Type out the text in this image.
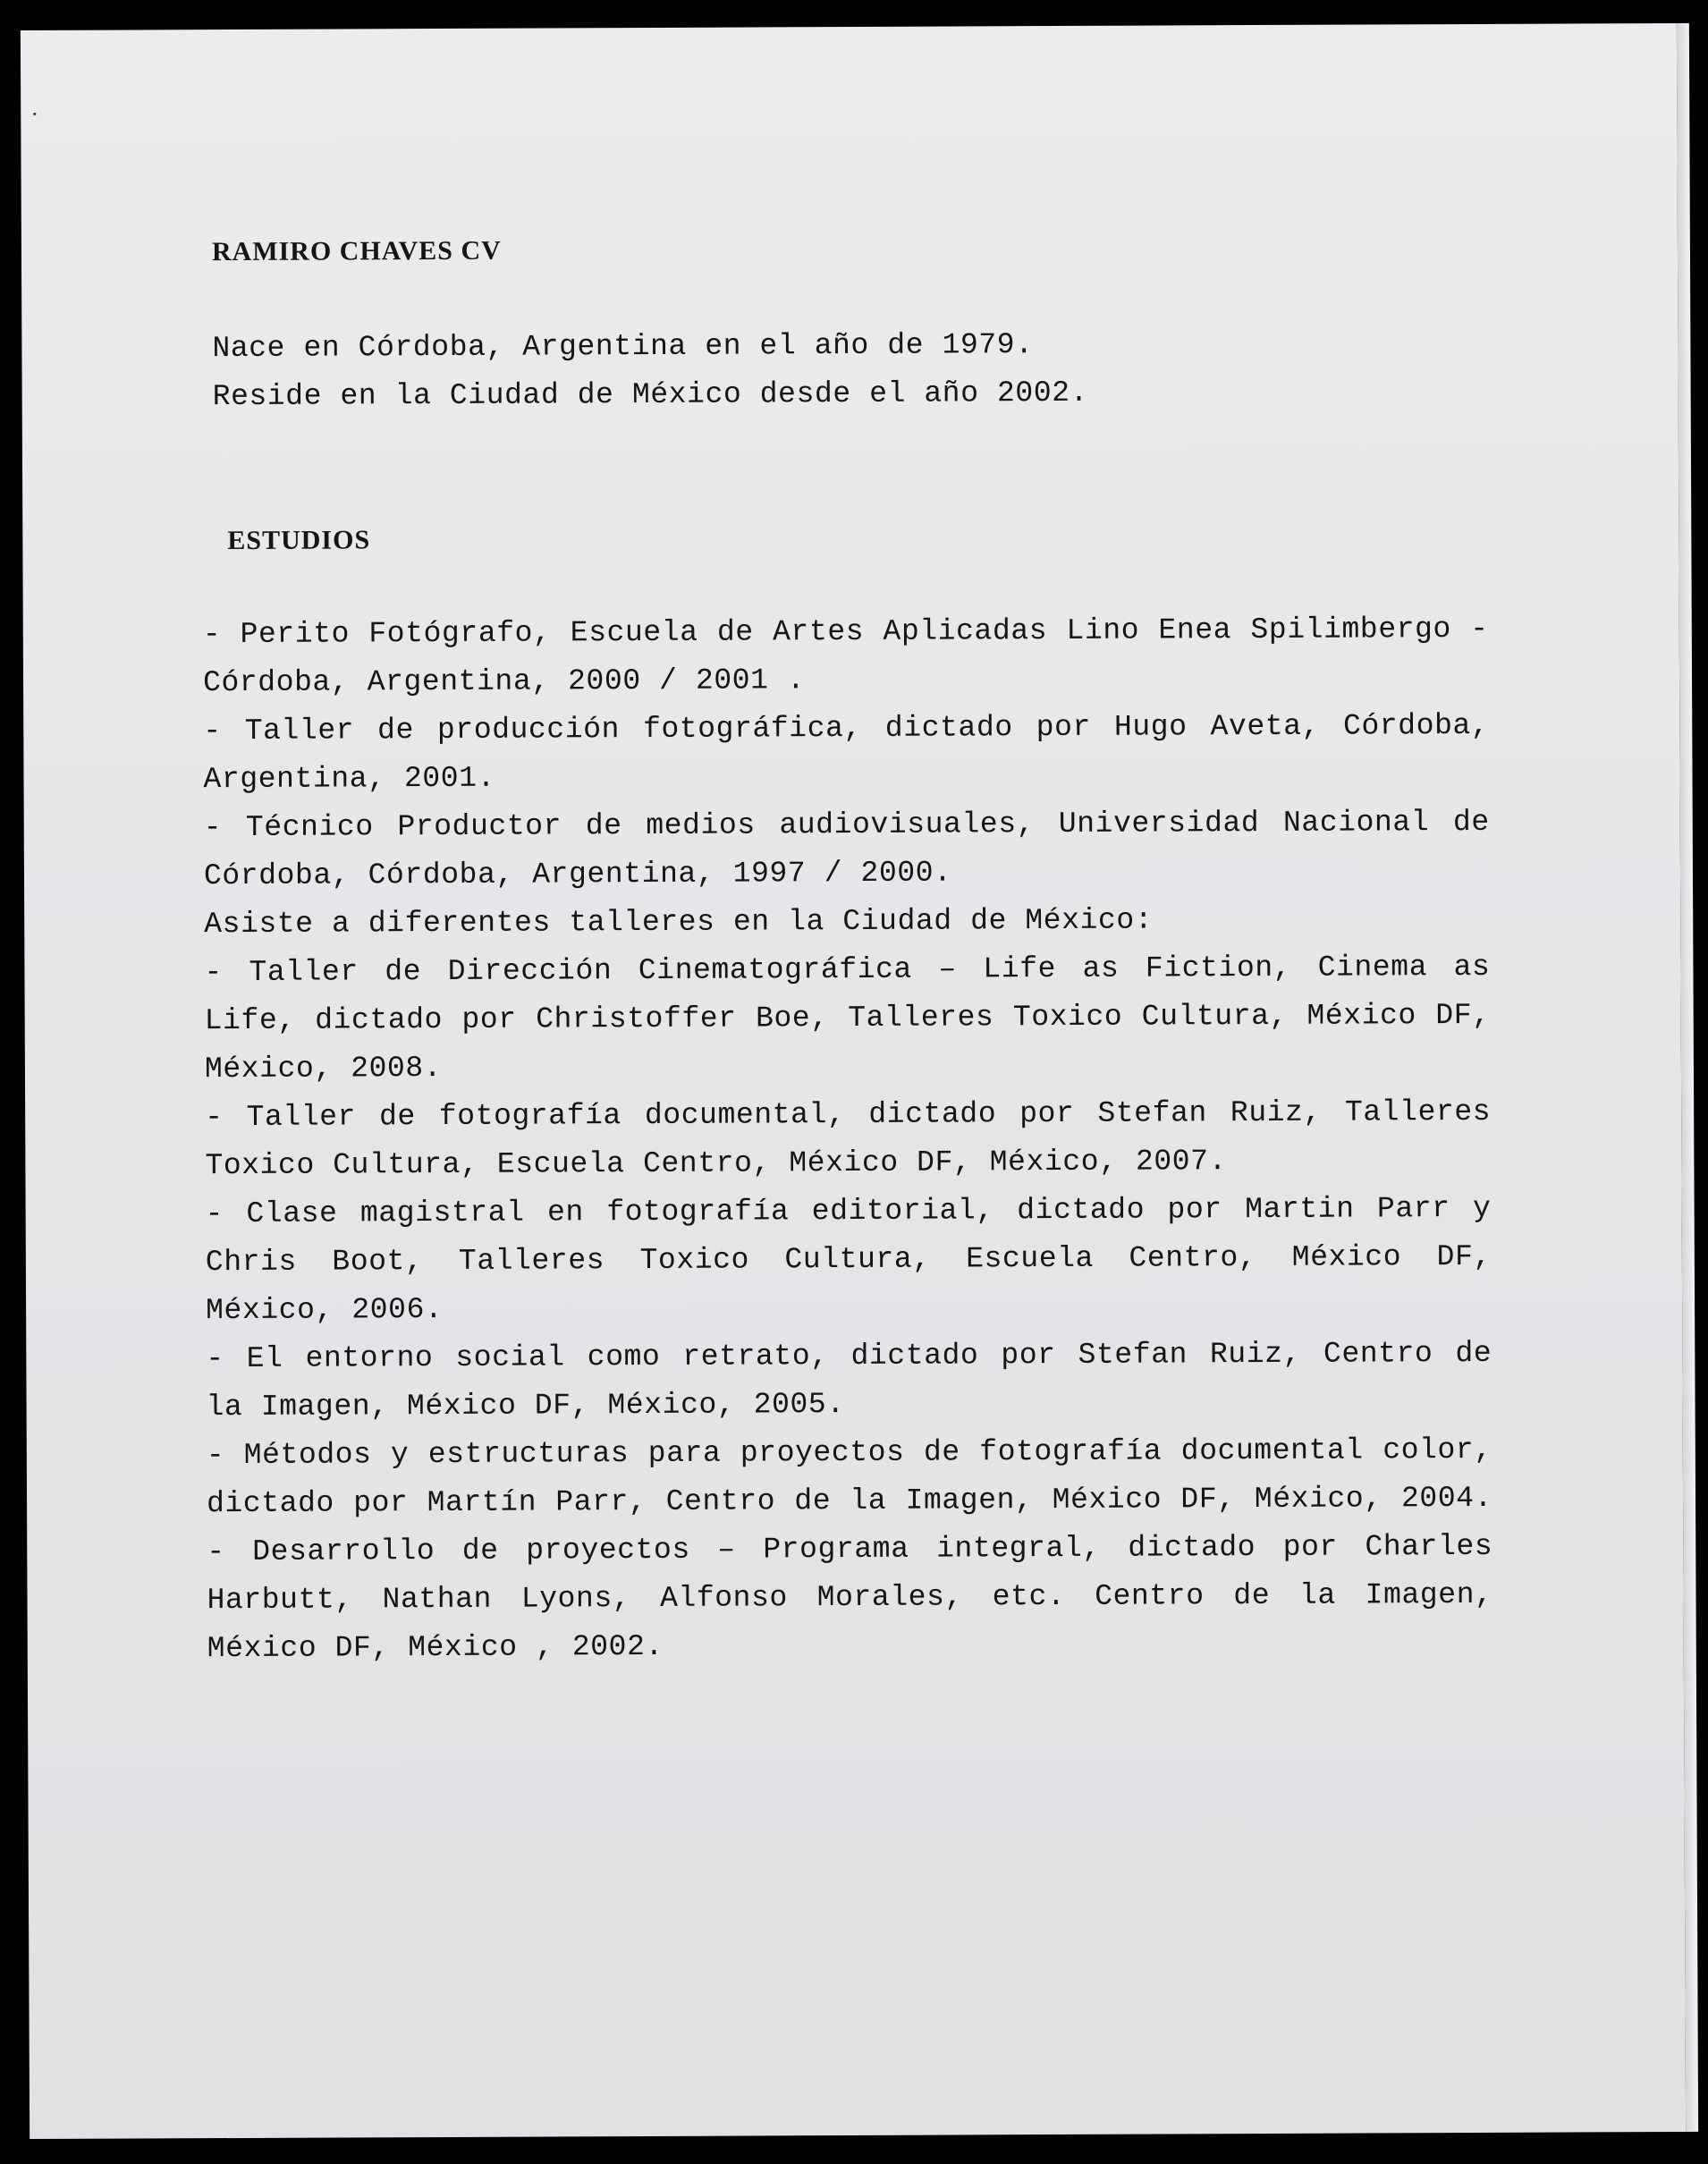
RAMIRO CHAVES CV
Nace en Córdoba, Argentina en el año de 1979.
Reside en la Ciudad de México desde el año 2002.
ESTUDIOS
- Perito Fotógrafo, Escuela de Artes Aplicadas Lino Enea Spilimbergo -
Córdoba, Argentina, 2000 / 2001 .
- Taller de producción fotográfica, dictado por Hugo Aveta, Córdoba,
Argentina, 2001.
- Técnico Productor de medios audiovisuales, Universidad Nacional de
Córdoba, Córdoba, Argentina, 1997 / 2000.
Asiste a diferentes talleres en la Ciudad de México:
- Taller de Dirección Cinematográfica – Life as Fiction, Cinema as
Life, dictado por Christoffer Boe, Talleres Toxico Cultura, México DF,
México, 2008.
- Taller de fotografía documental, dictado por Stefan Ruiz, Talleres
Toxico Cultura, Escuela Centro, México DF, México, 2007.
- Clase magistral en fotografía editorial, dictado por Martin Parr y
Chris Boot, Talleres Toxico Cultura, Escuela Centro, México DF,
México, 2006.
- El entorno social como retrato, dictado por Stefan Ruiz, Centro de
la Imagen, México DF, México, 2005.
- Métodos y estructuras para proyectos de fotografía documental color,
dictado por Martín Parr, Centro de la Imagen, México DF, México, 2004.
- Desarrollo de proyectos – Programa integral, dictado por Charles
Harbutt, Nathan Lyons, Alfonso Morales, etc. Centro de la Imagen,
México DF, México , 2002.
